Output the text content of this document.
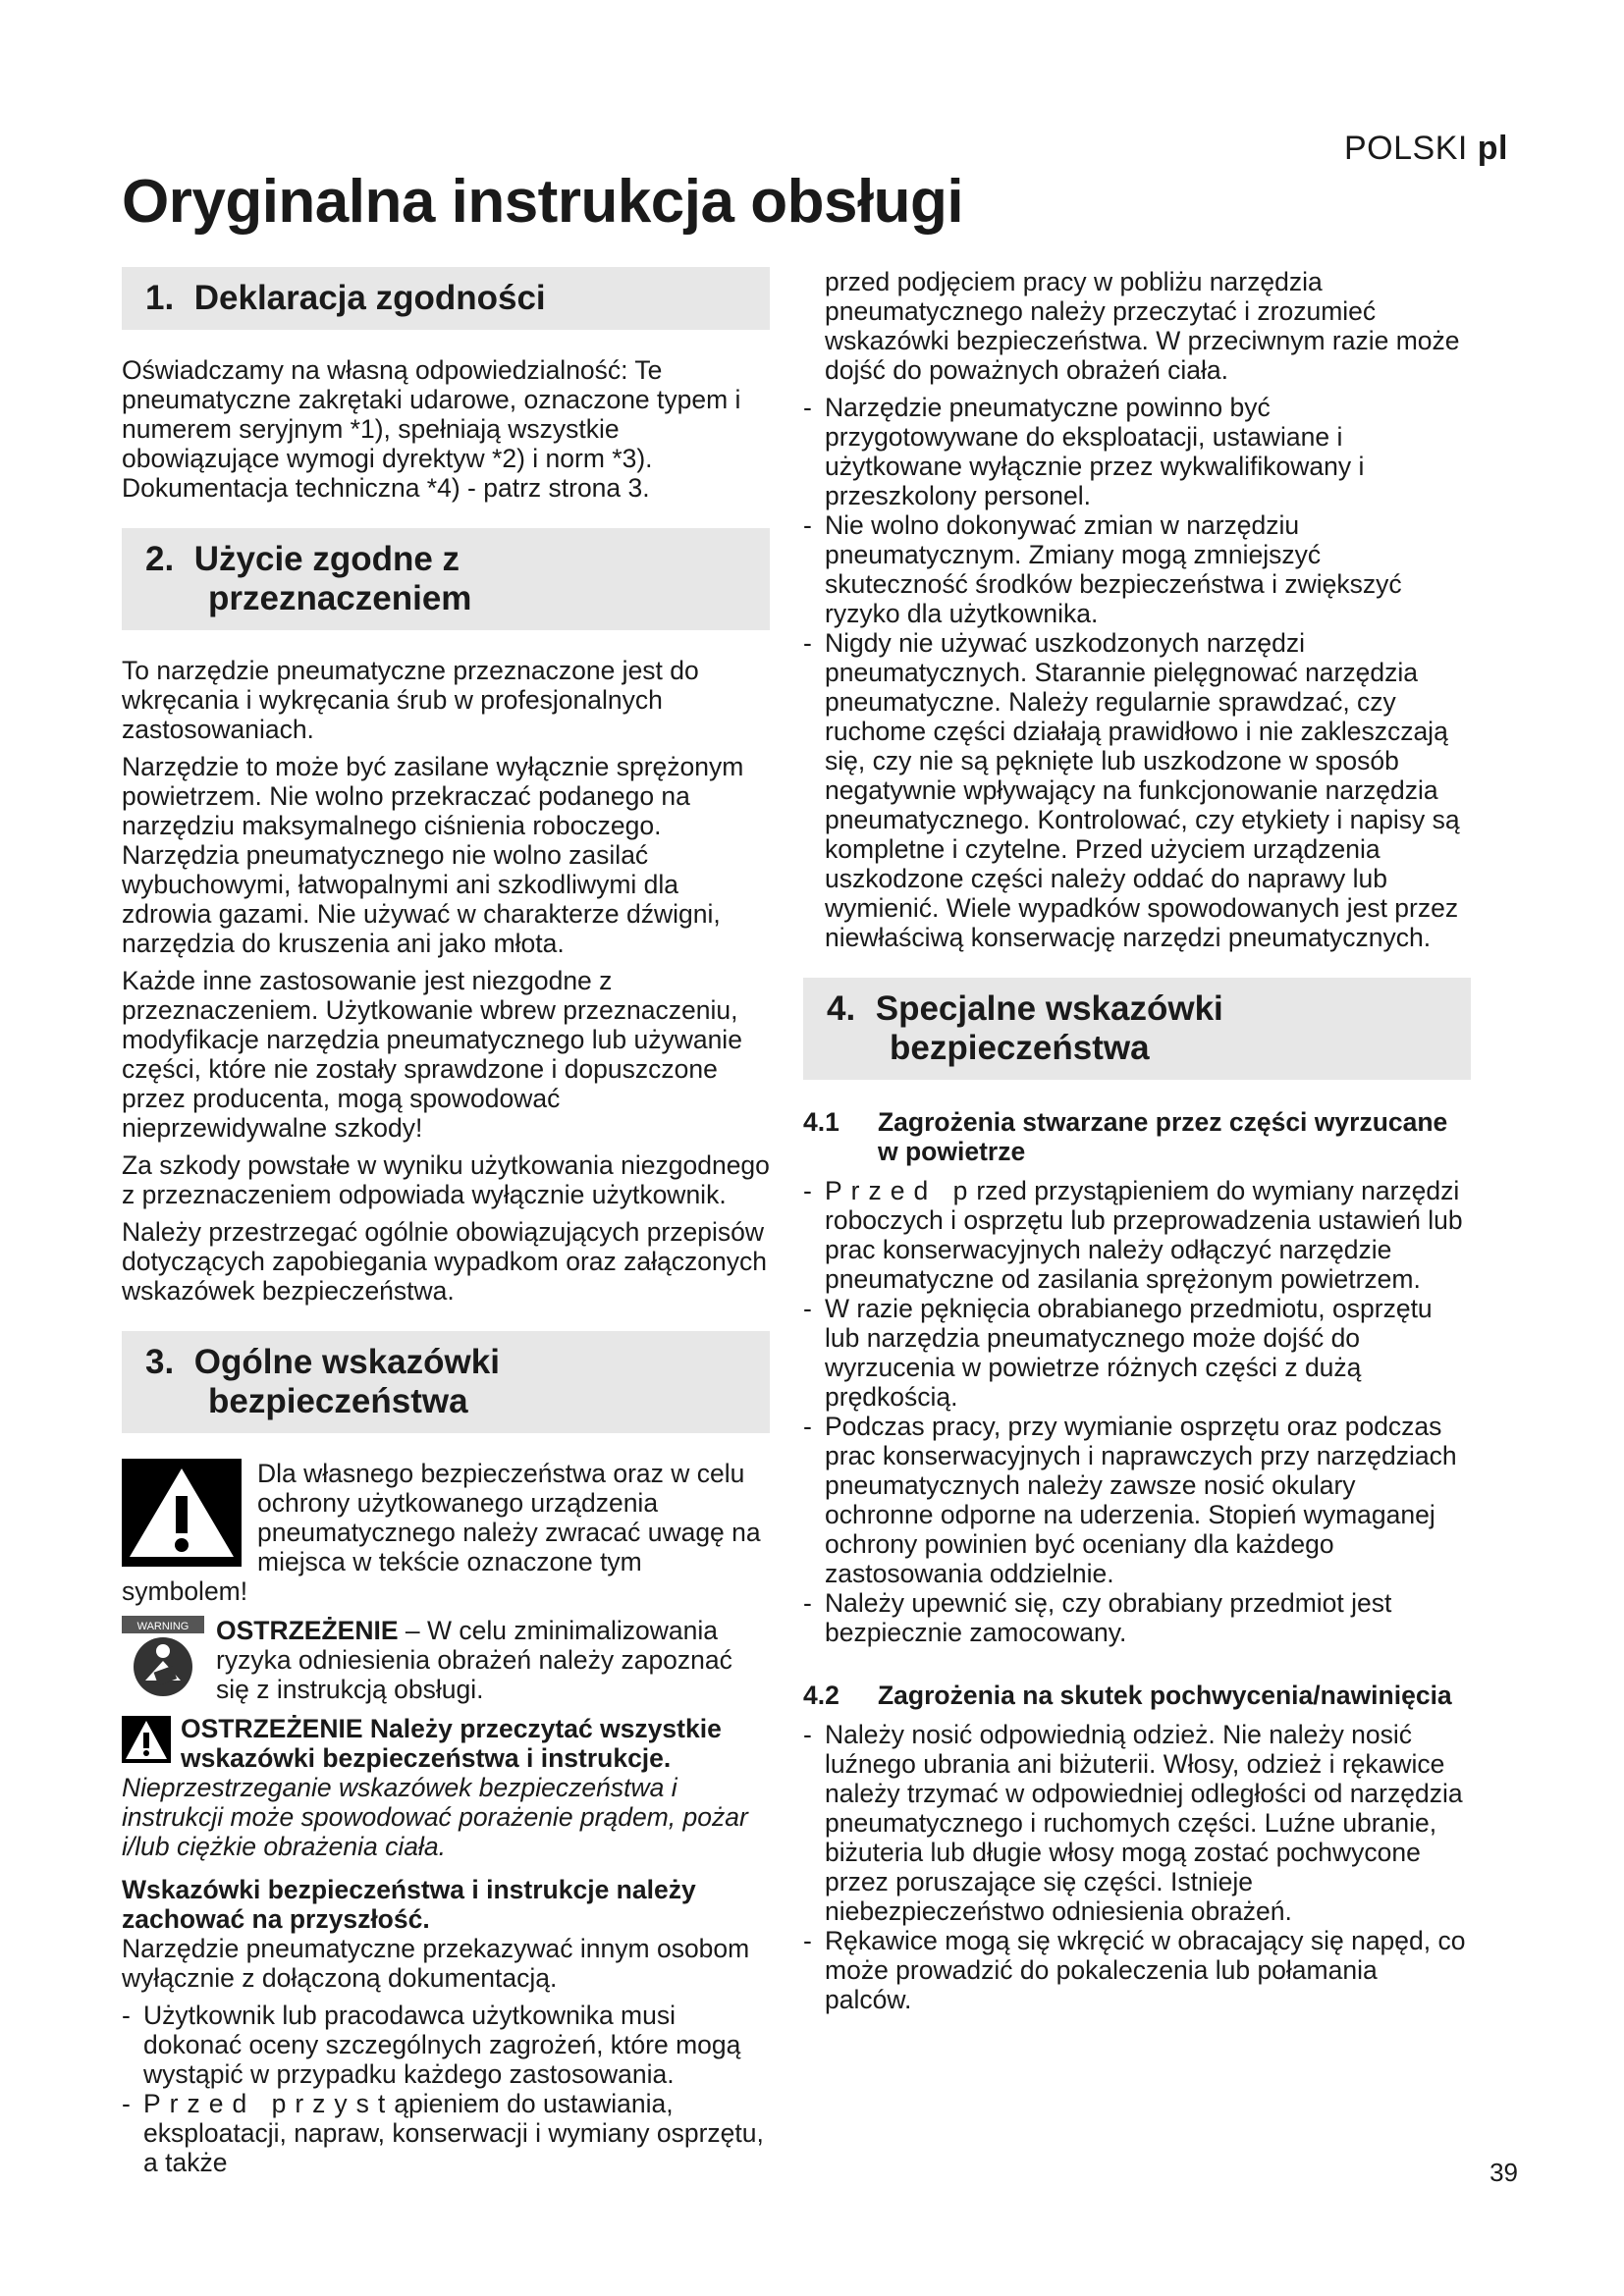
POLSKI pl
Oryginalna instrukcja obsługi
1. Deklaracja zgodności

Oświadczamy na własną odpowiedzialność: Te pneumatyczne zakrętaki udarowe, oznaczone typem i numerem seryjnym *1), spełniają wszystkie obowiązujące wymogi dyrektyw *2) i norm *3). Dokumentacja techniczna *4) - patrz strona 3.

2. Użycie zgodne z
przeznaczeniem

To narzędzie pneumatyczne przeznaczone jest do wkręcania i wykręcania śrub w profesjonalnych zastosowaniach.

Narzędzie to może być zasilane wyłącznie sprężonym powietrzem. Nie wolno przekraczać podanego na narzędziu maksymalnego ciśnienia roboczego. Narzędzia pneumatycznego nie wolno zasilać wybuchowymi, łatwopalnymi ani szkodliwymi dla zdrowia gazami. Nie używać w charakterze dźwigni, narzędzia do kruszenia ani jako młota.

Każde inne zastosowanie jest niezgodne z przeznaczeniem. Użytkowanie wbrew przeznaczeniu, modyfikacje narzędzia pneumatycznego lub używanie części, które nie zostały sprawdzone i dopuszczone przez producenta, mogą spowodować nieprzewidywalne szkody!

Za szkody powstałe w wyniku użytkowania niezgodnego z przeznaczeniem odpowiada wyłącznie użytkownik.

Należy przestrzegać ogólnie obowiązujących przepisów dotyczących zapobiegania wypadkom oraz załączonych wskazówek bezpieczeństwa.

3. Ogólne wskazówki
bezpieczeństwa
Dla własnego bezpieczeństwa oraz w celu ochrony użytkowanego urządzenia pneumatycznego należy zwracać uwagę na miejsca w tekście oznaczone tym symbolem!
WARNING OSTRZEŻENIE – W celu zminimalizowania ryzyka odniesienia obrażeń należy zapoznać się z instrukcją obsługi.
OSTRZEŻENIE Należy przeczytać wszystkie wskazówki bezpieczeństwa i instrukcje. Nieprzestrzeganie wskazówek bezpieczeństwa i instrukcji może spowodować porażenie prądem, pożar i/lub ciężkie obrażenia ciała.

Wskazówki bezpieczeństwa i instrukcje należy zachować na przyszłość.

Narzędzie pneumatyczne przekazywać innym osobom wyłącznie z dołączoną dokumentacją.

- Użytkownik lub pracodawca użytkownika musi dokonać oceny szczególnych zagrożeń, które mogą wystąpić w przypadku każdego zastosowania.

- Przed przystąpieniem do ustawiania, eksploatacji, napraw, konserwacji i wymiany osprzętu, a także

przed podjęciem pracy w pobliżu narzędzia pneumatycznego należy przeczytać i zrozumieć wskazówki bezpieczeństwa. W przeciwnym razie może dojść do poważnych obrażeń ciała.

- Narzędzie pneumatyczne powinno być przygotowywane do eksploatacji, ustawiane i użytkowane wyłącznie przez wykwalifikowany i przeszkolony personel.

- Nie wolno dokonywać zmian w narzędziu pneumatycznym. Zmiany mogą zmniejszyć skuteczność środków bezpieczeństwa i zwiększyć ryzyko dla użytkownika.

- Nigdy nie używać uszkodzonych narzędzi pneumatycznych. Starannie pielęgnować narzędzia pneumatyczne. Należy regularnie sprawdzać, czy ruchome części działają prawidłowo i nie zakleszczają się, czy nie są pęknięte lub uszkodzone w sposób negatywnie wpływający na funkcjonowanie narzędzia pneumatycznego. Kontrolować, czy etykiety i napisy są kompletne i czytelne. Przed użyciem urządzenia uszkodzone części należy oddać do naprawy lub wymienić. Wiele wypadków spowodowanych jest przez niewłaściwą konserwację narzędzi pneumatycznych.

4. Specjalne wskazówki
bezpieczeństwa
4.1	Zagrożenia stwarzane przez części wyrzucane w powietrze

- Przed przed przystąpieniem do wymiany narzędzi roboczych i osprzętu lub przeprowadzenia ustawień lub prac konserwacyjnych należy odłączyć narzędzie pneumatyczne od zasilania sprężonym powietrzem.

- W razie pęknięcia obrabianego przedmiotu, osprzętu lub narzędzia pneumatycznego może dojść do wyrzucenia w powietrze różnych części z dużą prędkością.

- Podczas pracy, przy wymianie osprzętu oraz podczas prac konserwacyjnych i naprawczych przy narzędziach pneumatycznych należy zawsze nosić okulary ochronne odporne na uderzenia. Stopień wymaganej ochrony powinien być oceniany dla każdego zastosowania oddzielnie.

- Należy upewnić się, czy obrabiany przedmiot jest bezpiecznie zamocowany.

4.2	Zagrożenia na skutek pochwycenia/nawinięcia

- Należy nosić odpowiednią odzież. Nie należy nosić luźnego ubrania ani biżuterii. Włosy, odzież i rękawice należy trzymać w odpowiedniej odległości od narzędzia pneumatycznego i ruchomych części. Luźne ubranie, biżuteria lub długie włosy mogą zostać pochwycone przez poruszające się części. Istnieje niebezpieczeństwo odniesienia obrażeń.

- Rękawice mogą się wkręcić w obracający się napęd, co może prowadzić do pokaleczenia lub połamania palców.

39
